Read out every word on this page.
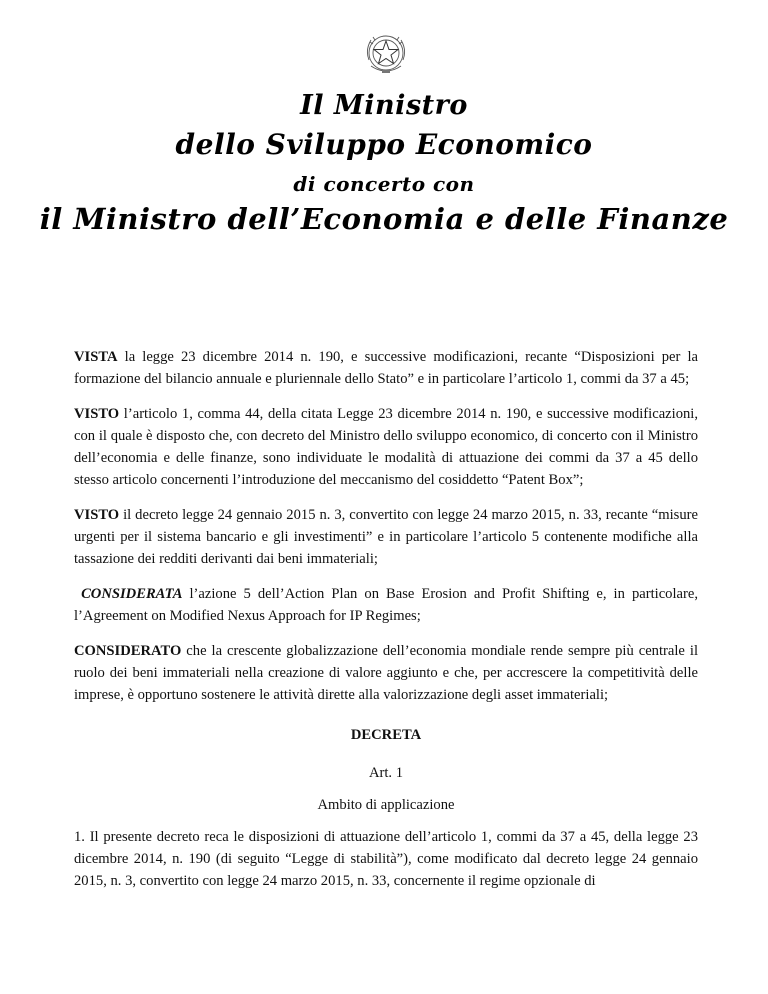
Il Ministro
dello Sviluppo Economico
di concerto con
il Ministro dell’Economia e delle Finanze

VISTA la legge 23 dicembre 2014 n. 190, e successive modificazioni, recante “Disposizioni per la formazione del bilancio annuale e pluriennale dello Stato” e in particolare l’articolo 1, commi da 37 a 45;

VISTO l’articolo 1, comma 44, della citata Legge 23 dicembre 2014 n. 190, e successive modificazioni, con il quale è disposto che, con decreto del Ministro dello sviluppo economico, di concerto con il Ministro dell’economia e delle finanze, sono individuate le modalità di attuazione dei commi da 37 a 45 dello stesso articolo concernenti l’introduzione del meccanismo del cosiddetto “Patent Box”;

VISTO il decreto legge 24 gennaio 2015 n. 3, convertito con legge 24 marzo 2015, n. 33, recante “misure urgenti per il sistema bancario e gli investimenti” e in particolare l’articolo 5 contenente modifiche alla tassazione dei redditi derivanti dai beni immateriali;

CONSIDERATA l’azione 5 dell’Action Plan on Base Erosion and Profit Shifting e, in particolare, l’Agreement on Modified Nexus Approach for IP Regimes;

CONSIDERATO che la crescente globalizzazione dell’economia mondiale rende sempre più centrale il ruolo dei beni immateriali nella creazione di valore aggiunto e che, per accrescere la competitività delle imprese, è opportuno sostenere le attività dirette alla valorizzazione degli asset immateriali;

DECRETA

Art. 1

Ambito di applicazione

1. Il presente decreto reca le disposizioni di attuazione dell’articolo 1, commi da 37 a 45, della legge 23 dicembre 2014, n. 190 (di seguito “Legge di stabilità”), come modificato dal decreto legge 24 gennaio 2015, n. 3, convertito con legge 24 marzo 2015, n. 33, concernente il regime opzionale di
